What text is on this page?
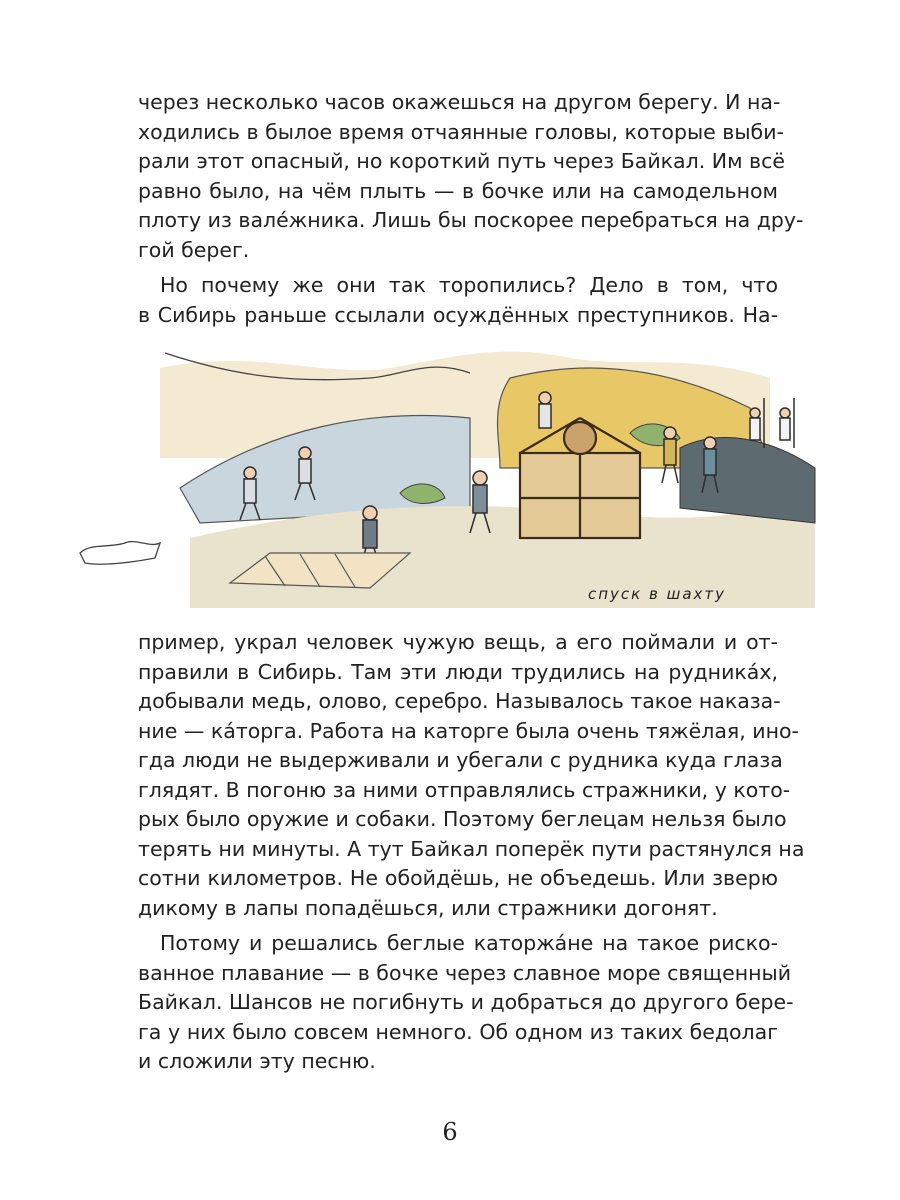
через несколько часов окажешься на другом берегу. И на-
ходились в былое время отчаянные головы, которые выби-
рали этот опасный, но короткий путь через Байкал. Им всё
равно было, на чём плыть — в бочке или на самодельном
плоту из вале́жника. Лишь бы поскорее перебраться на дру-
гой берег.
Но почему же они так торопились? Дело в том, что
в Сибирь раньше ссылали осуждённых преступников. На-
спуск в шахту
пример, украл человек чужую вещь, а его поймали и от-
правили в Сибирь. Там эти люди трудились на рудника́х,
добывали медь, олово, серебро. Называлось такое наказа-
ние — ка́торга. Работа на каторге была очень тяжёлая, ино-
гда люди не выдерживали и убегали с рудника куда глаза
глядят. В погоню за ними отправлялись стражники, у кото-
рых было оружие и собаки. Поэтому беглецам нельзя было
терять ни минуты. А тут Байкал поперёк пути растянулся на
сотни километров. Не обойдёшь, не объедешь. Или зверю
дикому в лапы попадёшься, или стражники догонят.
Потому и решались беглые каторжа́не на такое риско-
ванное плавание — в бочке через славное море священный
Байкал. Шансов не погибнуть и добраться до другого бере-
га у них было совсем немного. Об одном из таких бедолаг
и сложили эту песню.
6
